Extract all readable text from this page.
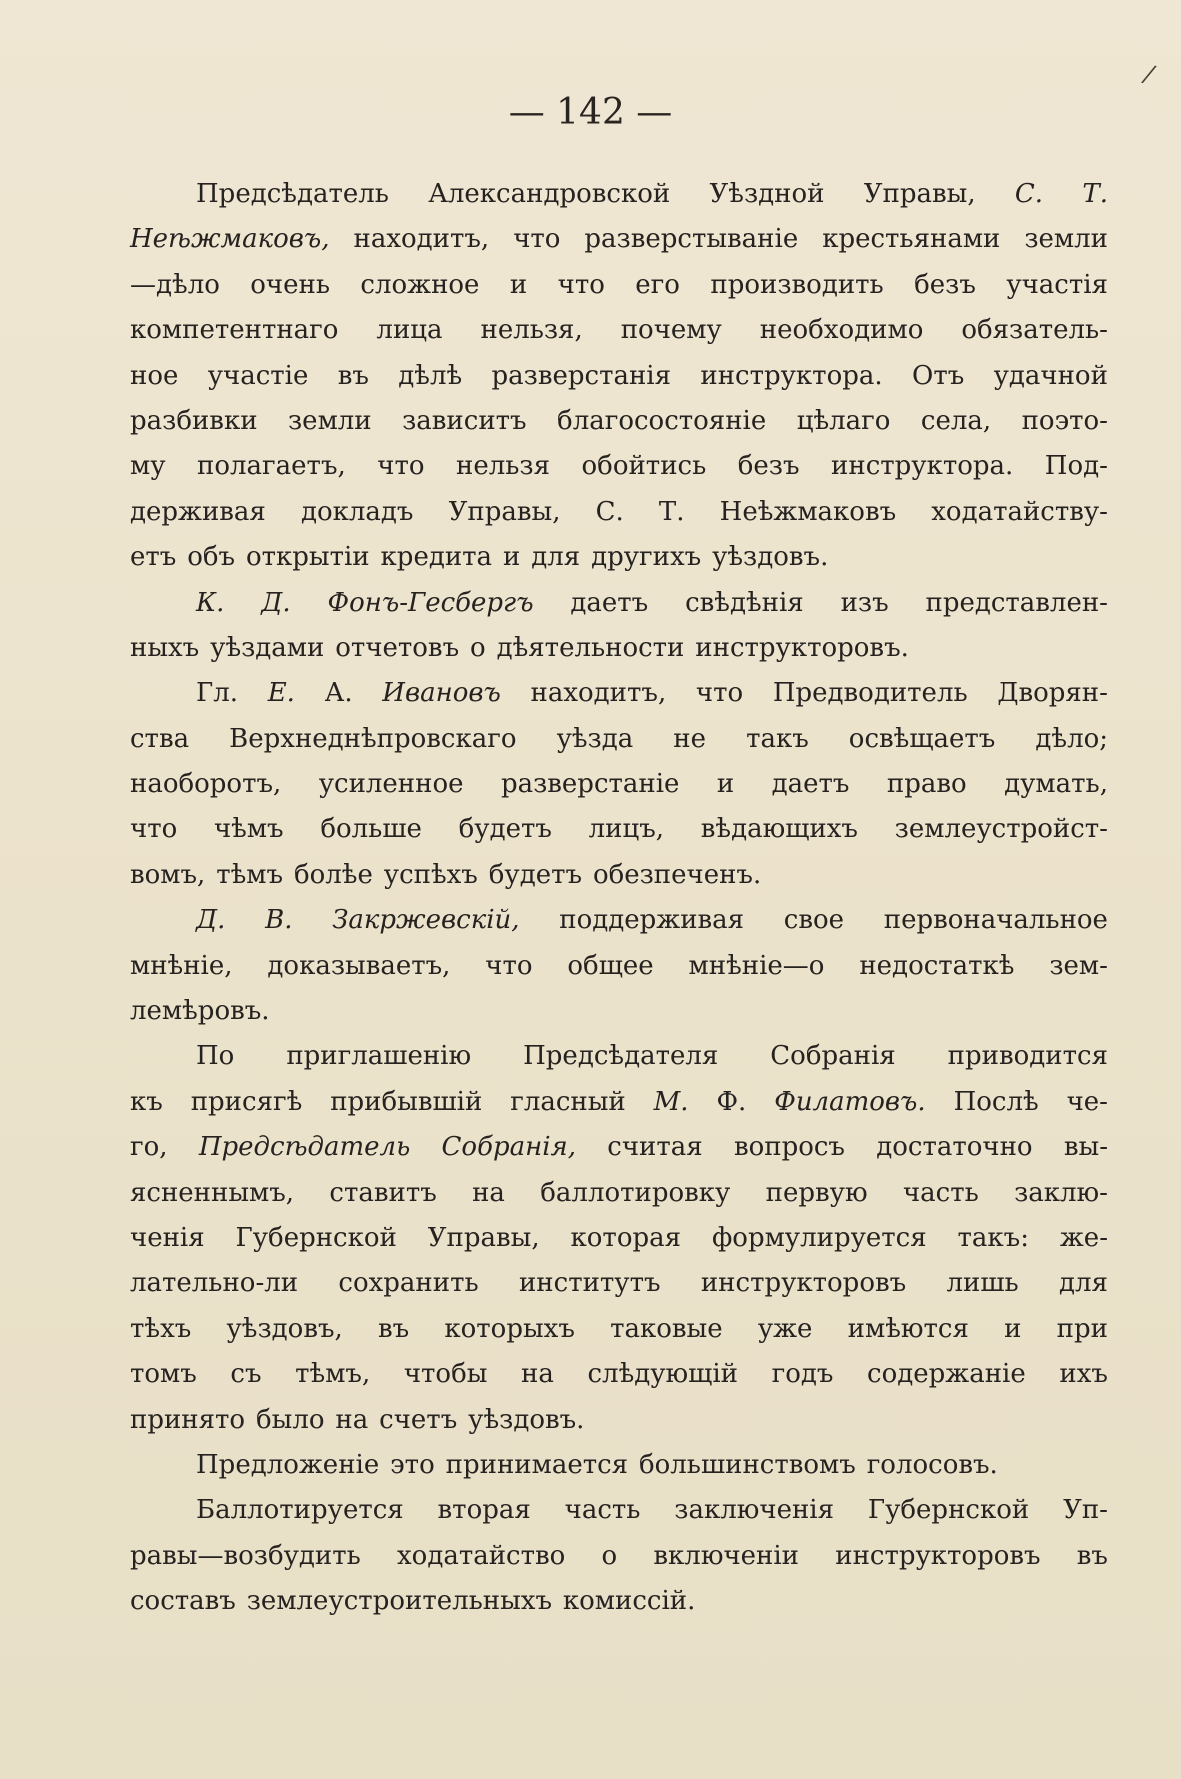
/
— 142 —
Предсѣдатель Александровской Уѣздной Управы, С. Т.
Неѣжмаковъ, находитъ, что разверстываніе крестьянами земли
—дѣло очень сложное и что его производить безъ участія
компетентнаго лица нельзя, почему необходимо обязатель-
ное участіе въ дѣлѣ разверстанія инструктора. Отъ удачной
разбивки земли зависитъ благосостояніе цѣлаго села, поэто-
му полагаетъ, что нельзя обойтись безъ инструктора. Под-
держивая докладъ Управы, С. Т. Неѣжмаковъ ходатайству-
етъ объ открытіи кредита и для другихъ уѣздовъ.
К. Д. Фонъ-Гесбергъ даетъ свѣдѣнія изъ представлен-
ныхъ уѣздами отчетовъ о дѣятельности инструкторовъ.
Гл. Е. А. Ивановъ находитъ, что Предводитель Дворян-
ства Верхнеднѣпровскаго уѣзда не такъ освѣщаетъ дѣло;
наоборотъ, усиленное разверстаніе и даетъ право думать,
что чѣмъ больше будетъ лицъ, вѣдающихъ землеустройст-
вомъ, тѣмъ болѣе успѣхъ будетъ обезпеченъ.
Д. В. Закржевскій, поддерживая свое первоначальное
мнѣніе, доказываетъ, что общее мнѣніе—о недостаткѣ зем-
лемѣровъ.
По приглашенію Предсѣдателя Собранія приводится
къ присягѣ прибывшій гласный М. Ф. Филатовъ. Послѣ че-
го, Предсѣдатель Собранія, считая вопросъ достаточно вы-
ясненнымъ, ставитъ на баллотировку первую часть заклю-
ченія Губернской Управы, которая формулируется такъ: же-
лательно-ли сохранить институтъ инструкторовъ лишь для
тѣхъ уѣздовъ, въ которыхъ таковые уже имѣются и при
томъ съ тѣмъ, чтобы на слѣдующій годъ содержаніе ихъ
принято было на счетъ уѣздовъ.
Предложеніе это принимается большинствомъ голосовъ.
Баллотируется вторая часть заключенія Губернской Уп-
равы—возбудить ходатайство о включеніи инструкторовъ въ
составъ землеустроительныхъ комиссій.
